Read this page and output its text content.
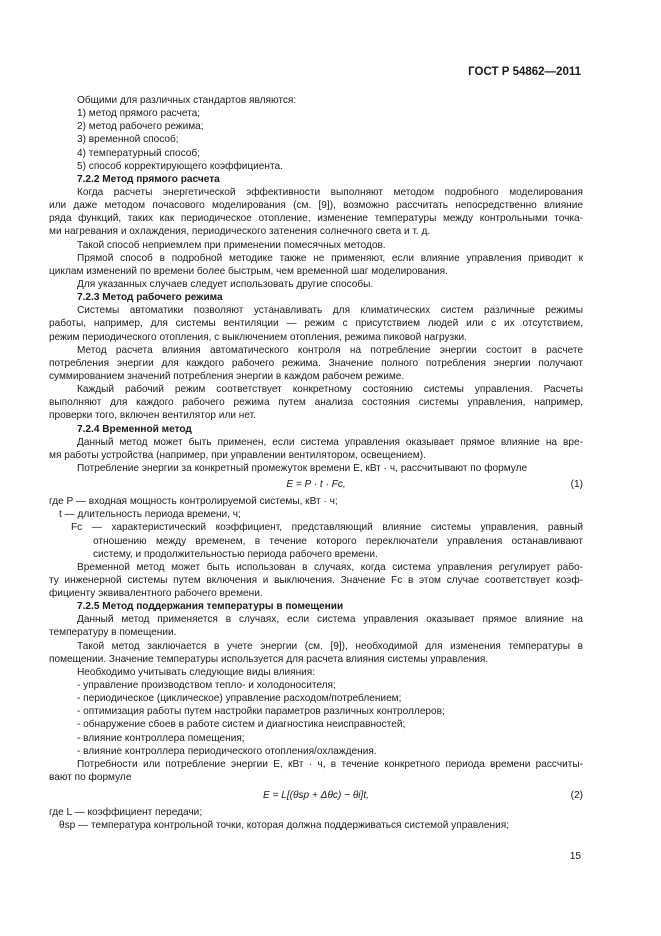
ГОСТ Р 54862—2011
Общими для различных стандартов являются:
1) метод прямого расчета;
2) метод рабочего режима;
3) временной способ;
4) температурный способ;
5) способ корректирующего коэффициента.
7.2.2 Метод прямого расчета
Когда расчеты энергетической эффективности выполняют методом подробного моделирования
или даже методом почасового моделирования (см. [9]), возможно рассчитать непосредственно влияние
ряда функций, таких как периодическое отопление, изменение температуры между контрольными точка-
ми нагревания и охлаждения, периодического затенения солнечного света и т. д.
Такой способ неприемлем при применении помесячных методов.
Прямой способ в подробной методике также не применяют, если влияние управления приводит к
циклам изменений по времени более быстрым, чем временной шаг моделирования.
Для указанных случаев следует использовать другие способы.
7.2.3 Метод рабочего режима
Системы автоматики позволяют устанавливать для климатических систем различные режимы
работы, например, для системы вентиляции — режим с присутствием людей или с их отсутствием,
режим периодического отопления, с выключением отопления, режима пиковой нагрузки.
Метод расчета влияния автоматического контроля на потребление энергии состоит в расчете
потребления энергии для каждого рабочего режима. Значение полного потребления энергии получают
суммированием значений потребления энергии в каждом рабочем режиме.
Каждый рабочий режим соответствует конкретному состоянию системы управления. Расчеты
выполняют для каждого рабочего режима путем анализа состояния системы управления, например,
проверки того, включен вентилятор или нет.
7.2.4 Временной метод
Данный метод может быть применен, если система управления оказывает прямое влияние на вре-
мя работы устройства (например, при управлении вентилятором, освещением).
Потребление энергии за конкретный промежуток времени E, кВт · ч, рассчитывают по формуле
E = P · t · Fc,	(1)
где P — входная мощность контролируемой системы, кВт · ч;
t — длительность периода времени, ч;
Fc — характеристический коэффициент, представляющий влияние системы управления, равный
отношению между временем, в течение которого переключатели управления останавливают
систему, и продолжительностью периода рабочего времени.
Временной метод может быть использован в случаях, когда система управления регулирует рабо-
ту инженерной системы путем включения и выключения. Значение Fc в этом случае соответствует коэф-
фициенту эквивалентного рабочего времени.
7.2.5 Метод поддержания температуры в помещении
Данный метод применяется в случаях, если система управления оказывает прямое влияние на
температуру в помещении.
Такой метод заключается в учете энергии (см. [9]), необходимой для изменения температуры в
помещении. Значение температуры используется для расчета влияния системы управления.
Необходимо учитывать следующие виды влияния:
- управление производством тепло- и холодоносителя;
- периодическое (циклическое) управление расходом/потреблением;
- оптимизация работы путем настройки параметров различных контроллеров;
- обнаружение сбоев в работе систем и диагностика неисправностей;
- влияние контроллера помещения;
- влияние контроллера периодического отопления/охлаждения.
Потребности или потребление энергии E, кВт · ч, в течение конкретного периода времени рассчиты-
вают по формуле
E = L[(θsp + Δθc) − θi]t,	(2)
где L — коэффициент передачи;
θsp — температура контрольной точки, которая должна поддерживаться системой управления;
15
